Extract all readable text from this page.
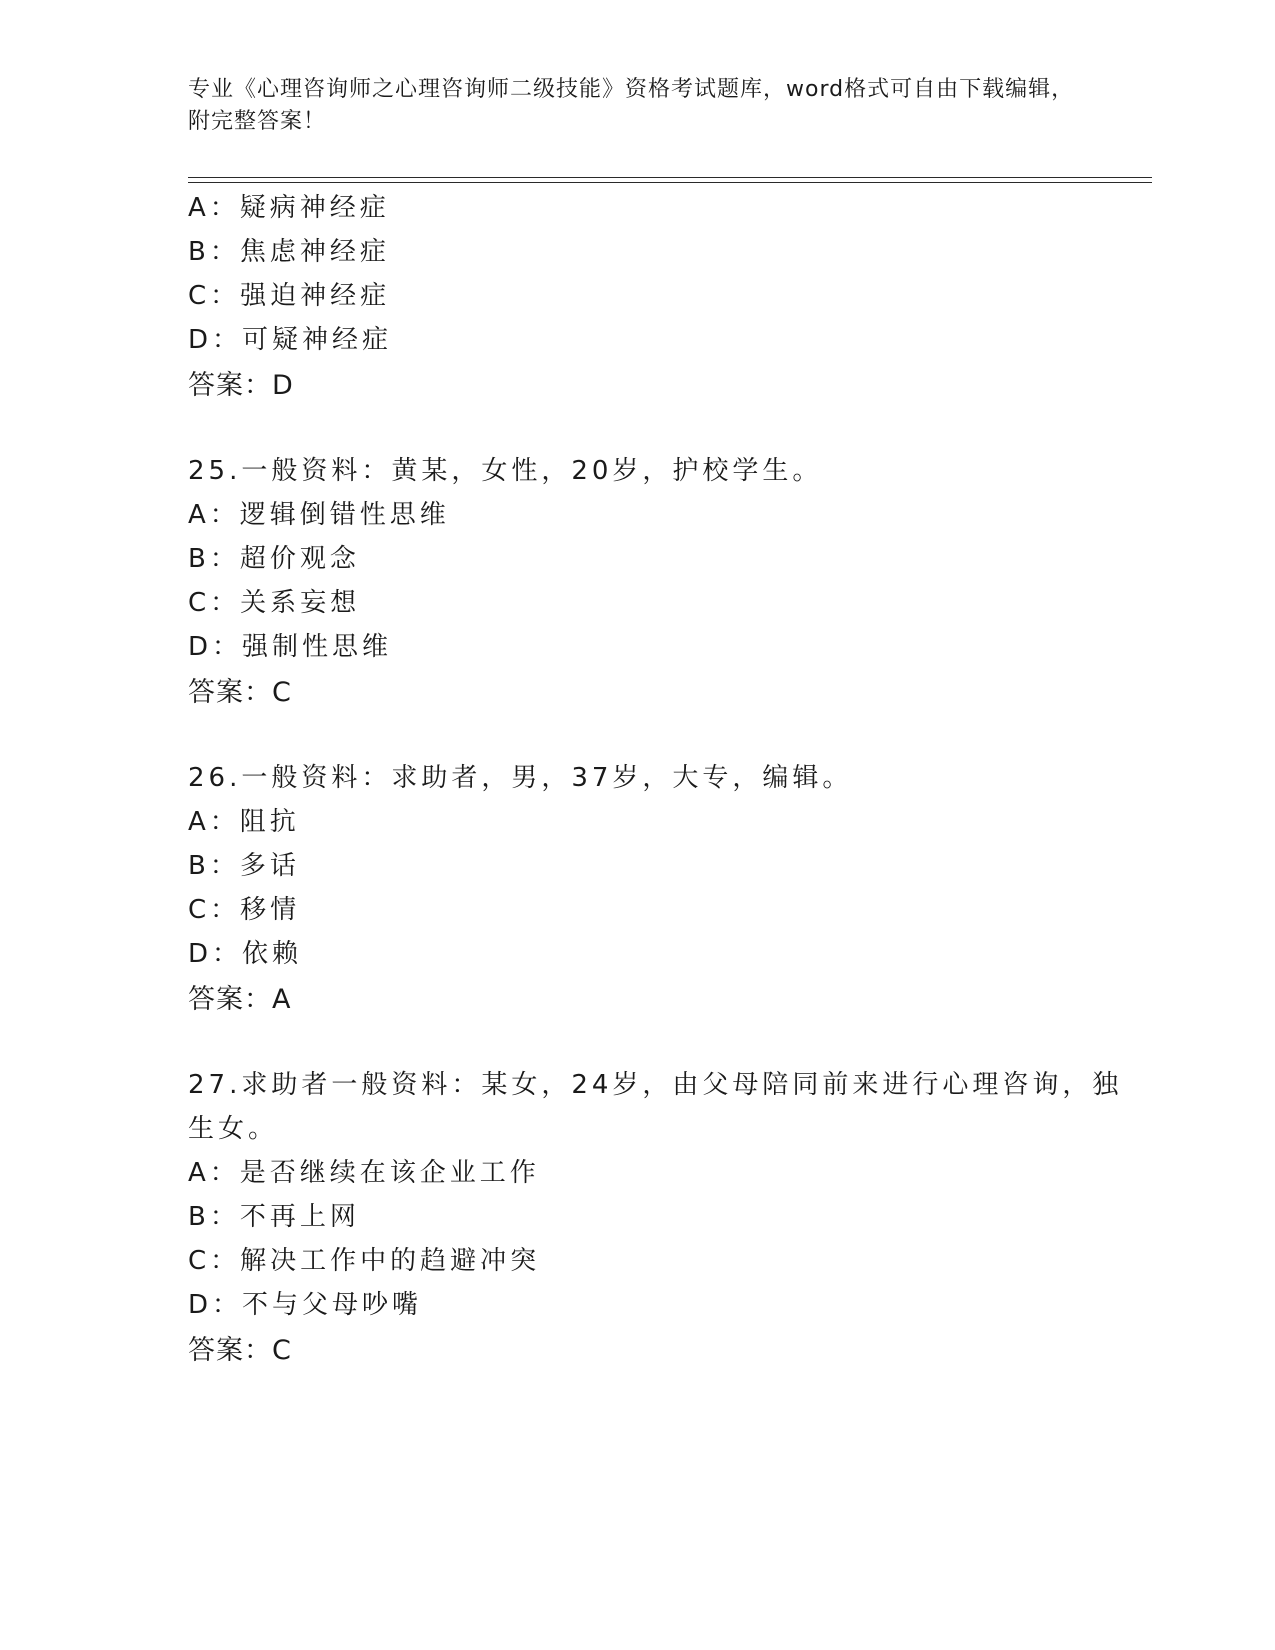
专业《心理咨询师之心理咨询师二级技能》资格考试题库，word格式可自由下载编辑，附完整答案！
A：疑病神经症
B：焦虑神经症
C：强迫神经症
D：可疑神经症
答案：D
25.一般资料：黄某，女性，20岁，护校学生。
A：逻辑倒错性思维
B：超价观念
C：关系妄想
D：强制性思维
答案：C
26.一般资料：求助者，男，37岁，大专，编辑。
A：阻抗
B：多话
C：移情
D：依赖
答案：A
27.求助者一般资料：某女，24岁，由父母陪同前来进行心理咨询，独
生女。
A：是否继续在该企业工作
B：不再上网
C：解决工作中的趋避冲突
D：不与父母吵嘴
答案：C
